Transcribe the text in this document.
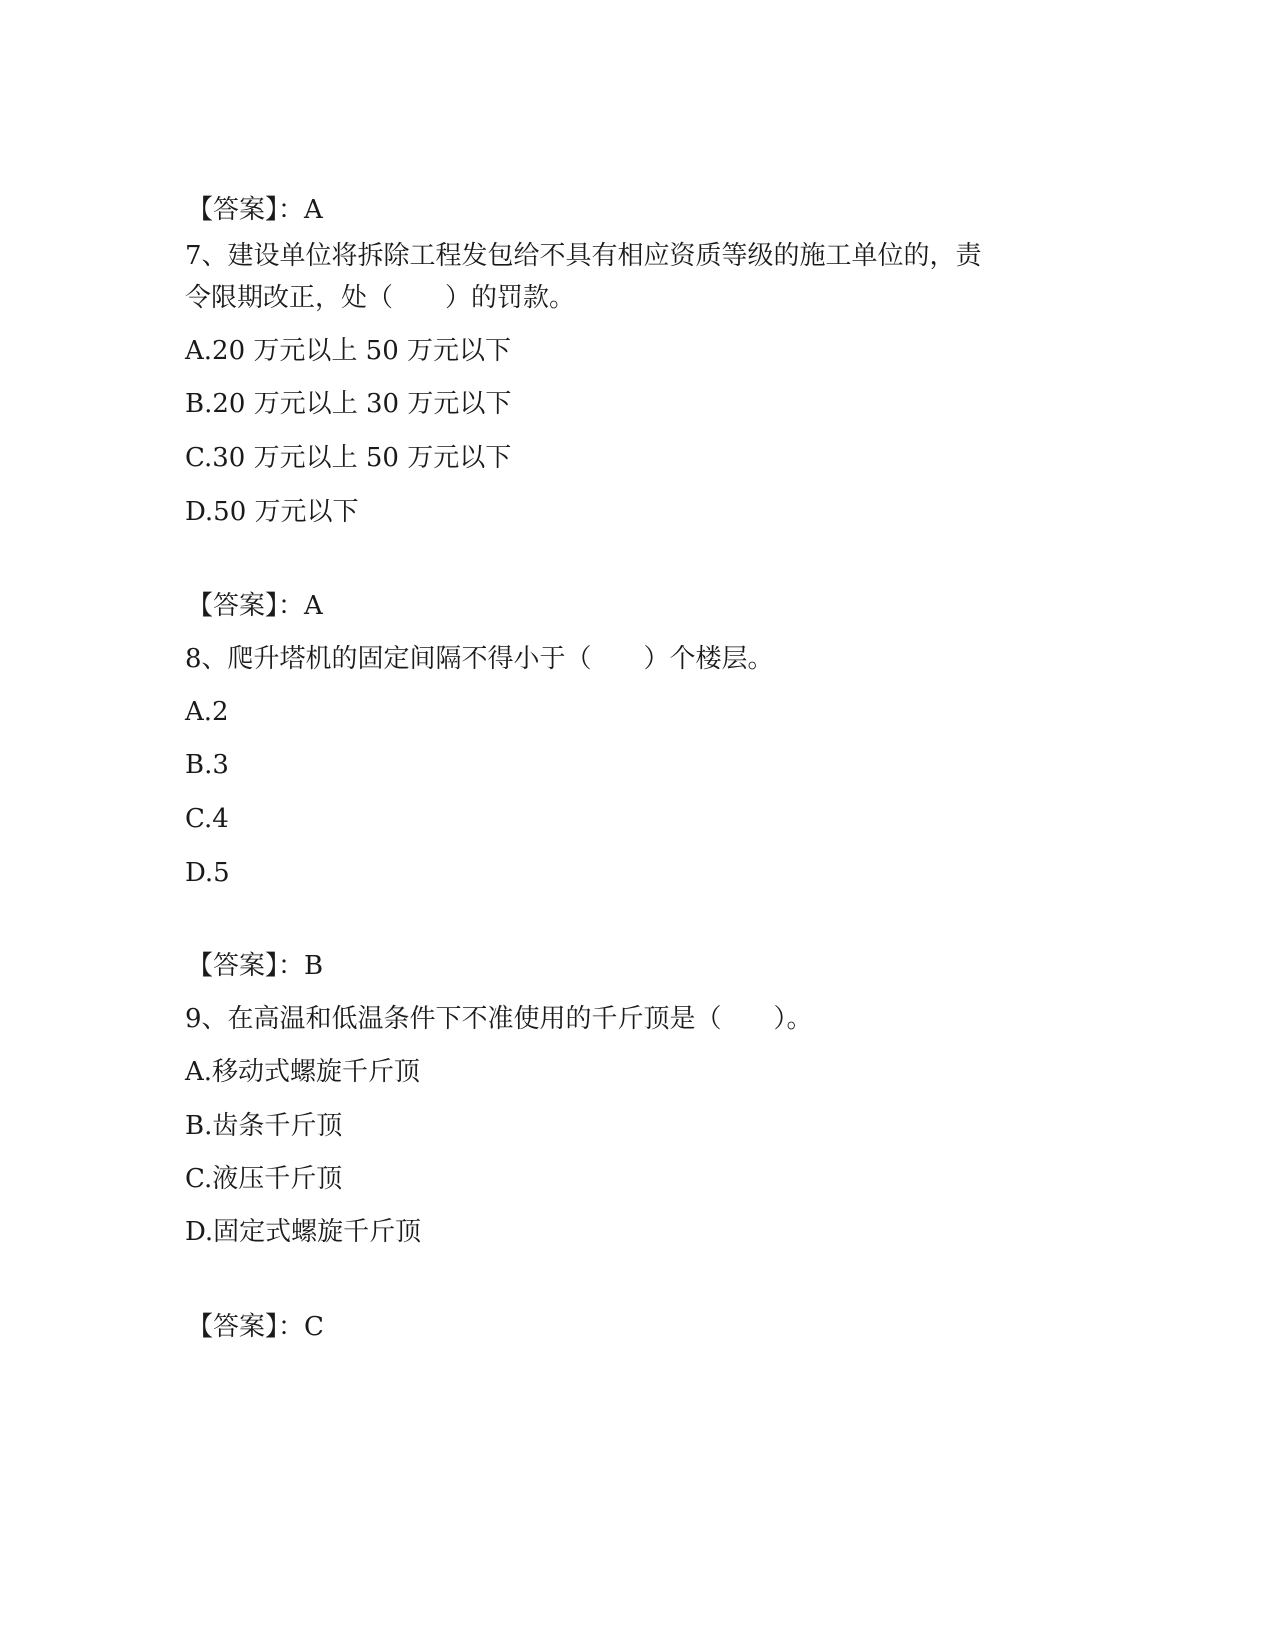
【答案】：A
7、建设单位将拆除工程发包给不具有相应资质等级的施工单位的，责
令限期改正，处（　　）的罚款。
A.20 万元以上 50 万元以下
B.20 万元以上 30 万元以下
C.30 万元以上 50 万元以下
D.50 万元以下
【答案】：A
8、爬升塔机的固定间隔不得小于（　　）个楼层。
A.2
B.3
C.4
D.5
【答案】：B
9、在高温和低温条件下不准使用的千斤顶是（　　）。
A.移动式螺旋千斤顶
B.齿条千斤顶
C.液压千斤顶
D.固定式螺旋千斤顶
【答案】：C
